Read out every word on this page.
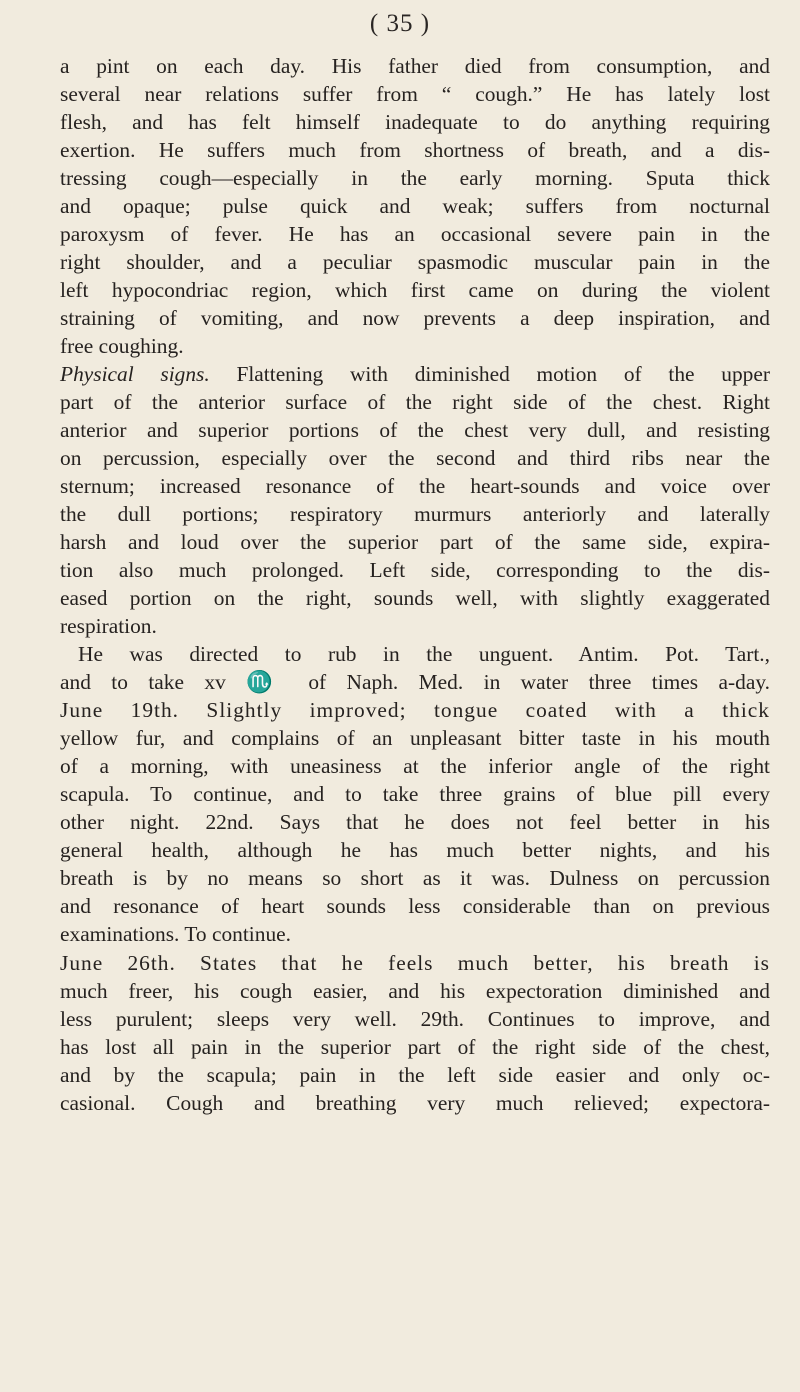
( 35 )
a pint on each day. His father died from consumption, and
several near relations suffer from “ cough.” He has lately lost
flesh, and has felt himself inadequate to do anything requiring
exertion. He suffers much from shortness of breath, and a dis-
tressing cough—especially in the early morning. Sputa thick
and opaque; pulse quick and weak; suffers from nocturnal
paroxysm of fever. He has an occasional severe pain in the
right shoulder, and a peculiar spasmodic muscular pain in the
left hypocondriac region, which first came on during the violent
straining of vomiting, and now prevents a deep inspiration, and
free coughing.
Physical signs. Flattening with diminished motion of the upper
part of the anterior surface of the right side of the chest. Right
anterior and superior portions of the chest very dull, and resisting
on percussion, especially over the second and third ribs near the
sternum; increased resonance of the heart-sounds and voice over
the dull portions; respiratory murmurs anteriorly and laterally
harsh and loud over the superior part of the same side, expira-
tion also much prolonged. Left side, corresponding to the dis-
eased portion on the right, sounds well, with slightly exaggerated
respiration.
He was directed to rub in the unguent. Antim. Pot. Tart.,
and to take xv ♏ of Naph. Med. in water three times a-day.
June 19th. Slightly improved; tongue coated with a thick
yellow fur, and complains of an unpleasant bitter taste in his mouth
of a morning, with uneasiness at the inferior angle of the right
scapula. To continue, and to take three grains of blue pill every
other night. 22nd. Says that he does not feel better in his
general health, although he has much better nights, and his
breath is by no means so short as it was. Dulness on percussion
and resonance of heart sounds less considerable than on previous
examinations. To continue.
June 26th. States that he feels much better, his breath is
much freer, his cough easier, and his expectoration diminished and
less purulent; sleeps very well. 29th. Continues to improve, and
has lost all pain in the superior part of the right side of the chest,
and by the scapula; pain in the left side easier and only oc-
casional. Cough and breathing very much relieved; expectora-
